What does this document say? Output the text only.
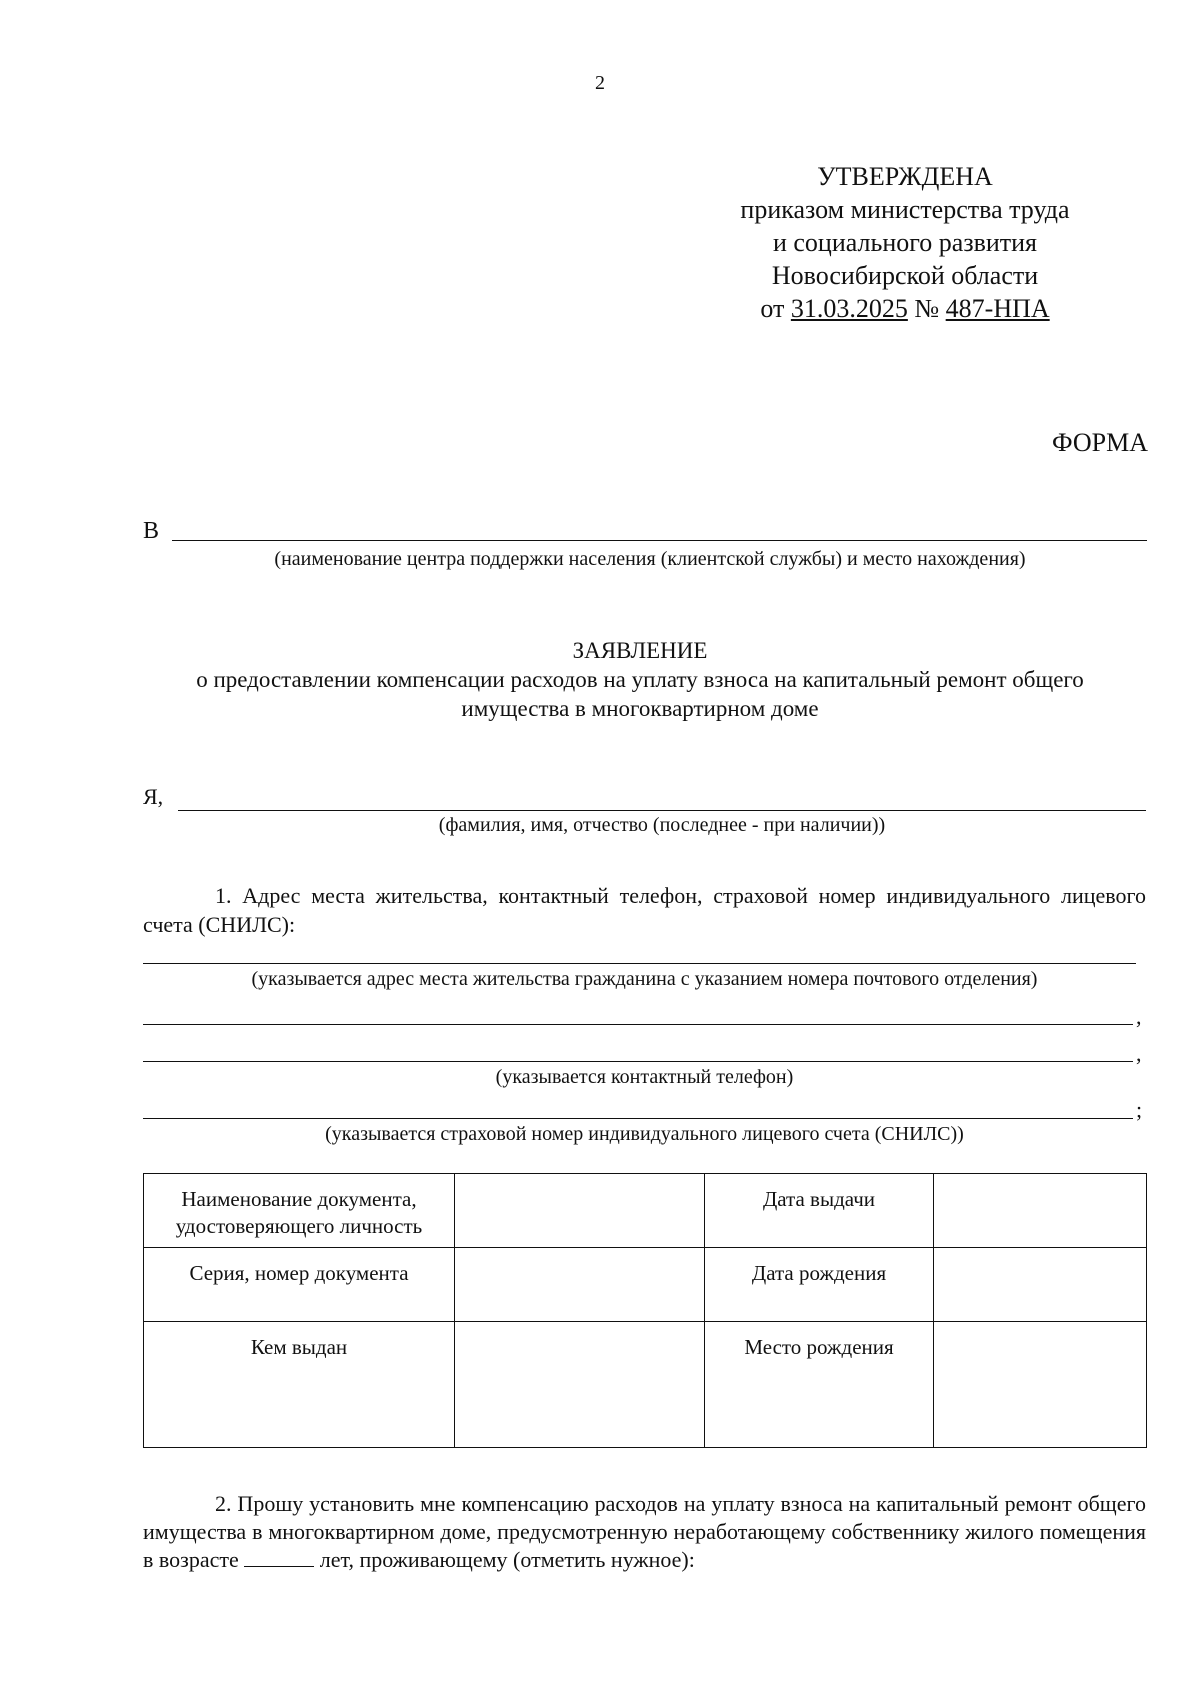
2
УТВЕРЖДЕНА
приказом министерства труда
и социального развития
Новосибирской области
от 31.03.2025 № 487-НПА
ФОРМА
В
(наименование центра поддержки населения (клиентской службы) и место нахождения)
ЗАЯВЛЕНИЕ
о предоставлении компенсации расходов на уплату взноса на капитальный ремонт общего
имущества в многоквартирном доме
Я,
(фамилия, имя, отчество (последнее - при наличии))
1. Адрес места жительства, контактный телефон, страховой номер индивидуального лицевого счета (СНИЛС):
(указывается адрес места жительства гражданина с указанием номера почтового отделения)
,
,
(указывается контактный телефон)
;
(указывается страховой номер индивидуального лицевого счета (СНИЛС))
Наименование документа, удостоверяющего личность		Дата выдачи	
Серия, номер документа		Дата рождения	
Кем выдан		Место рождения	
2. Прошу установить мне компенсацию расходов на уплату взноса на капитальный ремонт общего имущества в многоквартирном доме, предусмотренную неработающему собственнику жилого помещения в возрасте	лет, проживающему (отметить нужное):
